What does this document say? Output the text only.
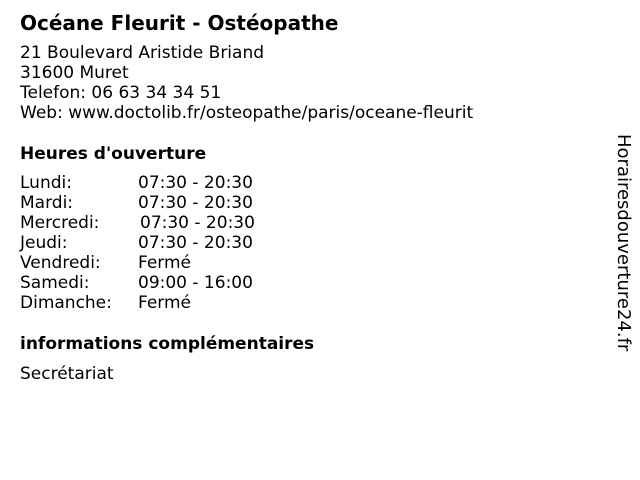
Océane Fleurit - Ostéopathe
21 Boulevard Aristide Briand
31600 Muret
Telefon: 06 63 34 34 51
Web: www.doctolib.fr/osteopathe/paris/oceane-fleurit
Heures d'ouverture
Lundi:	07:30 - 20:30
Mardi:	07:30 - 20:30
Mercredi: 07:30 - 20:30
Jeudi:	07:30 - 20:30
Vendredi: Fermé
Samedi:	09:00 - 16:00
Dimanche: Fermé
informations complémentaires
Secrétariat
Horairesdouverture24.fr
